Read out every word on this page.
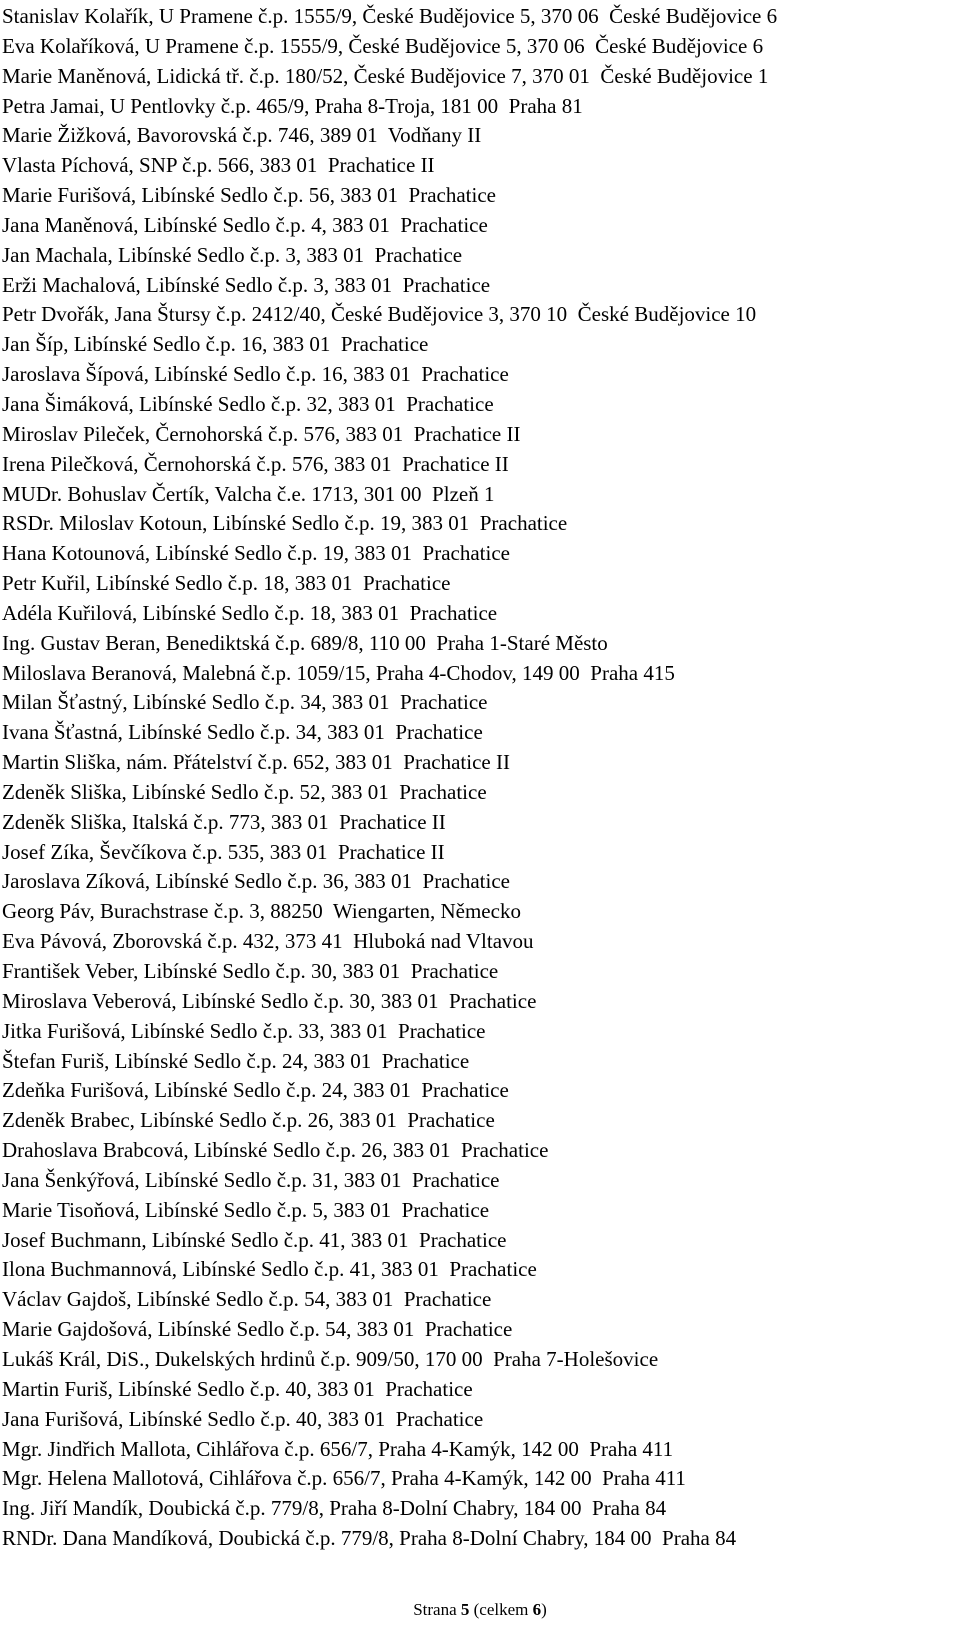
Stanislav Kolařík, U Pramene č.p. 1555/9, České Budějovice 5, 370 06  České Budějovice 6
Eva Kolaříková, U Pramene č.p. 1555/9, České Budějovice 5, 370 06  České Budějovice 6
Marie Maněnová, Lidická tř. č.p. 180/52, České Budějovice 7, 370 01  České Budějovice 1
Petra Jamai, U Pentlovky č.p. 465/9, Praha 8-Troja, 181 00  Praha 81
Marie Žižková, Bavorovská č.p. 746, 389 01  Vodňany II
Vlasta Píchová, SNP č.p. 566, 383 01  Prachatice II
Marie Furišová, Libínské Sedlo č.p. 56, 383 01  Prachatice
Jana Maněnová, Libínské Sedlo č.p. 4, 383 01  Prachatice
Jan Machala, Libínské Sedlo č.p. 3, 383 01  Prachatice
Erži Machalová, Libínské Sedlo č.p. 3, 383 01  Prachatice
Petr Dvořák, Jana Štursy č.p. 2412/40, České Budějovice 3, 370 10  České Budějovice 10
Jan Šíp, Libínské Sedlo č.p. 16, 383 01  Prachatice
Jaroslava Šípová, Libínské Sedlo č.p. 16, 383 01  Prachatice
Jana Šimáková, Libínské Sedlo č.p. 32, 383 01  Prachatice
Miroslav Pileček, Černohorská č.p. 576, 383 01  Prachatice II
Irena Pilečková, Černohorská č.p. 576, 383 01  Prachatice II
MUDr. Bohuslav Čertík, Valcha č.e. 1713, 301 00  Plzeň 1
RSDr. Miloslav Kotoun, Libínské Sedlo č.p. 19, 383 01  Prachatice
Hana Kotounová, Libínské Sedlo č.p. 19, 383 01  Prachatice
Petr Kuřil, Libínské Sedlo č.p. 18, 383 01  Prachatice
Adéla Kuřilová, Libínské Sedlo č.p. 18, 383 01  Prachatice
Ing. Gustav Beran, Benediktská č.p. 689/8, 110 00  Praha 1-Staré Město
Miloslava Beranová, Malebná č.p. 1059/15, Praha 4-Chodov, 149 00  Praha 415
Milan Šťastný, Libínské Sedlo č.p. 34, 383 01  Prachatice
Ivana Šťastná, Libínské Sedlo č.p. 34, 383 01  Prachatice
Martin Sliška, nám. Přátelství č.p. 652, 383 01  Prachatice II
Zdeněk Sliška, Libínské Sedlo č.p. 52, 383 01  Prachatice
Zdeněk Sliška, Italská č.p. 773, 383 01  Prachatice II
Josef Zíka, Ševčíkova č.p. 535, 383 01  Prachatice II
Jaroslava Zíková, Libínské Sedlo č.p. 36, 383 01  Prachatice
Georg Páv, Burachstrase č.p. 3, 88250  Wiengarten, Německo
Eva Pávová, Zborovská č.p. 432, 373 41  Hluboká nad Vltavou
František Veber, Libínské Sedlo č.p. 30, 383 01  Prachatice
Miroslava Veberová, Libínské Sedlo č.p. 30, 383 01  Prachatice
Jitka Furišová, Libínské Sedlo č.p. 33, 383 01  Prachatice
Štefan Furiš, Libínské Sedlo č.p. 24, 383 01  Prachatice
Zdeňka Furišová, Libínské Sedlo č.p. 24, 383 01  Prachatice
Zdeněk Brabec, Libínské Sedlo č.p. 26, 383 01  Prachatice
Drahoslava Brabcová, Libínské Sedlo č.p. 26, 383 01  Prachatice
Jana Šenkýřová, Libínské Sedlo č.p. 31, 383 01  Prachatice
Marie Tisoňová, Libínské Sedlo č.p. 5, 383 01  Prachatice
Josef Buchmann, Libínské Sedlo č.p. 41, 383 01  Prachatice
Ilona Buchmannová, Libínské Sedlo č.p. 41, 383 01  Prachatice
Václav Gajdoš, Libínské Sedlo č.p. 54, 383 01  Prachatice
Marie Gajdošová, Libínské Sedlo č.p. 54, 383 01  Prachatice
Lukáš Král, DiS., Dukelských hrdinů č.p. 909/50, 170 00  Praha 7-Holešovice
Martin Furiš, Libínské Sedlo č.p. 40, 383 01  Prachatice
Jana Furišová, Libínské Sedlo č.p. 40, 383 01  Prachatice
Mgr. Jindřich Mallota, Cihlářova č.p. 656/7, Praha 4-Kamýk, 142 00  Praha 411
Mgr. Helena Mallotová, Cihlářova č.p. 656/7, Praha 4-Kamýk, 142 00  Praha 411
Ing. Jiří Mandík, Doubická č.p. 779/8, Praha 8-Dolní Chabry, 184 00  Praha 84
RNDr. Dana Mandíková, Doubická č.p. 779/8, Praha 8-Dolní Chabry, 184 00  Praha 84
Strana 5 (celkem 6)
